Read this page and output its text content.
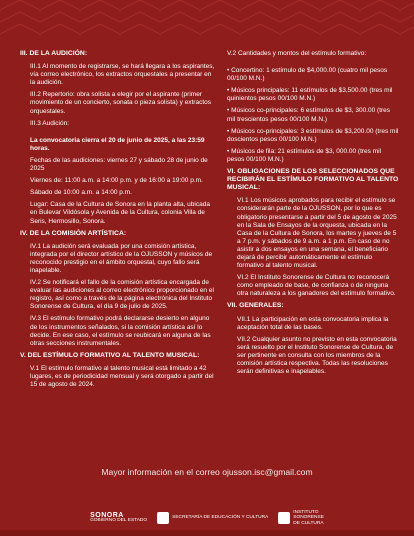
III. DE LA AUDICIÓN:
III.1 Al momento de registrarse, se hará llegara a los aspirantes, vía correo electrónico, los extractos orquestales a presentar en la audición.
III.2 Repertorio: obra solista a elegir por el aspirante (primer movimiento de un concierto, sonata o pieza solista) y extractos orquestales.
III.3 Audición:
La convocatoria cierra el 20 de junio de 2025, a las 23:59 horas.
Fechas de las audiciones: viernes 27 y sábado 28 de junio de 2025
Viernes de: 11:00 a.m. a 14:00 p.m. y de 16:00 a 19:00 p.m.
Sábado de 10:00 a.m. a 14:00 p.m.
Lugar: Casa de la Cultura de Sonora en la planta alta, ubicada en Bulevar Vildósola y Avenida de la Cultura, colonia Villa de Seris, Hermosillo, Sonora.
IV. DE LA COMISIÓN ARTÍSTICA:
IV.1 La audición será evaluada por una comisión artística, integrada por el director artístico de la OJUSSON y músicos de reconocido prestigio en el ámbito orquestal, cuyo fallo será inapelable.
IV.2 Se notificará el fallo de la comisión artística encargada de evaluar las audiciones al correo electrónico proporcionado en el registro, así como a través de la página electrónica del Instituto Sonorense de Cultura, el día 9 de julio de 2025.
IV.3 El estímulo formativo podrá declararse desierto en alguno de los instrumentos señalados, si la comisión artística así lo decide. En ese caso, el estímulo se reubicará en alguna de las otras secciones instrumentales.
V. DEL ESTÍMULO FORMATIVO AL TALENTO MUSICAL:
V.1 El estímulo formativo al talento musical está limitado a 42 lugares, es de periodicidad mensual y será otorgado a partir del 15 de agosto de 2024.
V.2 Cantidades y montos del estímulo formativo:
• Concertino: 1 estímulo de $4,000.00 (cuatro mil pesos 00/100 M.N.)
• Músicos principales: 11 estímulos de $3,500.00 (tres mil quinientos pesos 00/100 M.N.)
• Músicos co-principales: 6 estímulos de $3, 300.00 (tres mil trescientos pesos 00/100 M.N.)
• Músicos co-principales: 3 estímulos de $3,200.00 (tres mil doscientos pesos 00/100 M.N.)
• Músicos de fila: 21 estímulos de $3, 000.00 (tres mil pesos 00/100 M.N.)
VI. OBLIGACIONES DE LOS SELECCIONADOS QUE RECIBIRÁN EL ESTÍMULO FORMATIVO AL TALENTO MUSICAL:
VI.1 Los músicos aprobados para recibir el estímulo se considerarán parte de la OJUSSON, por lo que es obligatorio presentarse a partir del 5 de agosto de 2025 en la Sala de Ensayos de la orquesta, ubicada en la Casa de la Cultura de Sonora, los martes y jueves de 5 a 7 p.m. y sábados de 9 a.m. a 1 p.m. En caso de no asistir a dos ensayos en una semana, el beneficiario dejará de percibir automáticamente el estímulo formativo al talento musical.
VI.2 El Instituto Sonorense de Cultura no reconocerá como empleado de base, de confianza o de ninguna otra naturaleza a los ganadores del estímulo formativo.
VII. GENERALES:
VII.1 La participación en esta convocatoria implica la aceptación total de las bases.
VII.2 Cualquier asunto no previsto en esta convocatoria será resuelto por el Instituto Sonorense de Cultura, de ser pertinente en consulta con los miembros de la comisión artística respectiva. Todas las resoluciones serán definitivas e inapelables.
Mayor información en el correo ojusson.isc@gmail.com
SONORA
GOBIERNO DEL ESTADO
SECRETARÍA DE EDUCACIÓN Y CULTURA
INSTITUTO
SONORENSE
DE CULTURA
